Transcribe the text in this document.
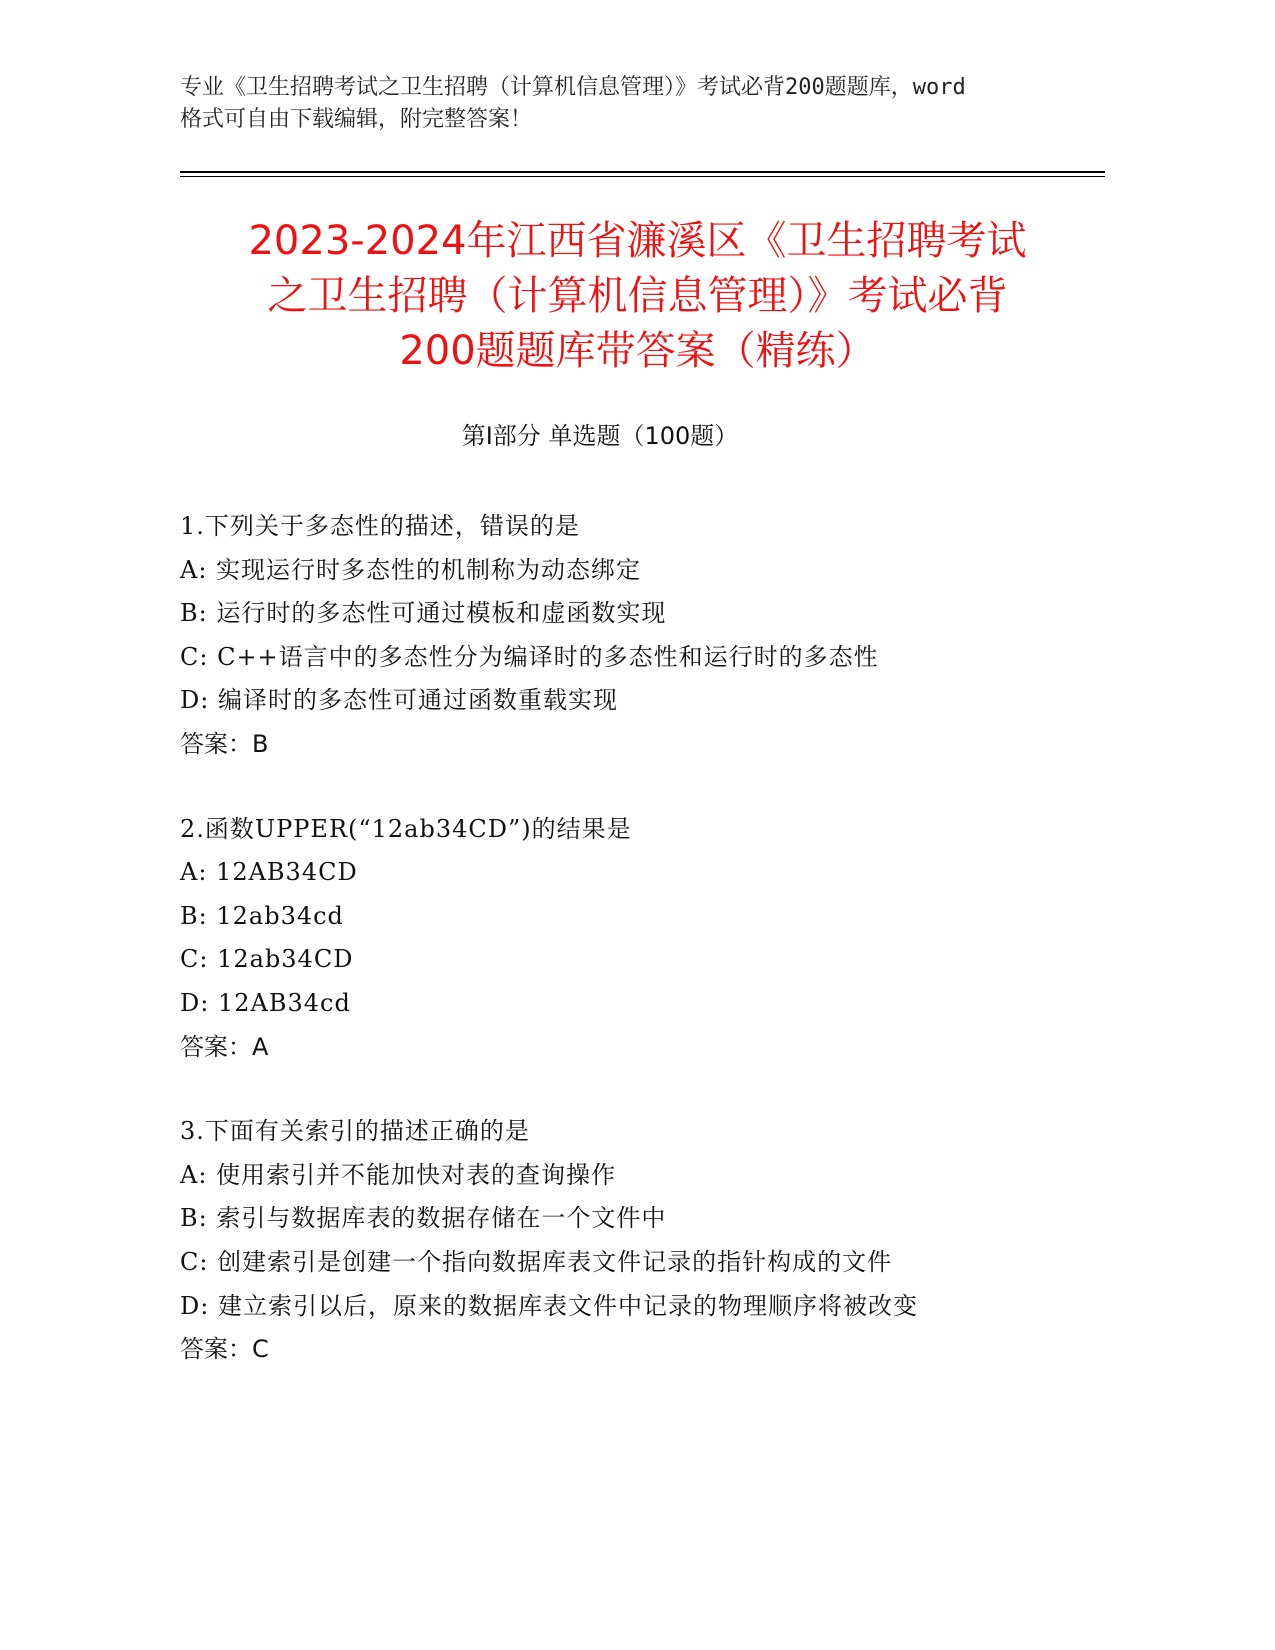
专业《卫生招聘考试之卫生招聘（计算机信息管理）》考试必背200题题库，word
格式可自由下载编辑，附完整答案！
2023-2024年江西省濂溪区《卫生招聘考试
之卫生招聘（计算机信息管理）》考试必背
200题题库带答案（精练）
第I部分 单选题（100题）
1.下列关于多态性的描述，错误的是
A: 实现运行时多态性的机制称为动态绑定
B: 运行时的多态性可通过模板和虚函数实现
C: C++语言中的多态性分为编译时的多态性和运行时的多态性
D: 编译时的多态性可通过函数重载实现
答案：B
2.函数UPPER(“12ab34CD”)的结果是
A: 12AB34CD
B: 12ab34cd
C: 12ab34CD
D: 12AB34cd
答案：A
3.下面有关索引的描述正确的是
A: 使用索引并不能加快对表的查询操作
B: 索引与数据库表的数据存储在一个文件中
C: 创建索引是创建一个指向数据库表文件记录的指针构成的文件
D: 建立索引以后，原来的数据库表文件中记录的物理顺序将被改变
答案：C
